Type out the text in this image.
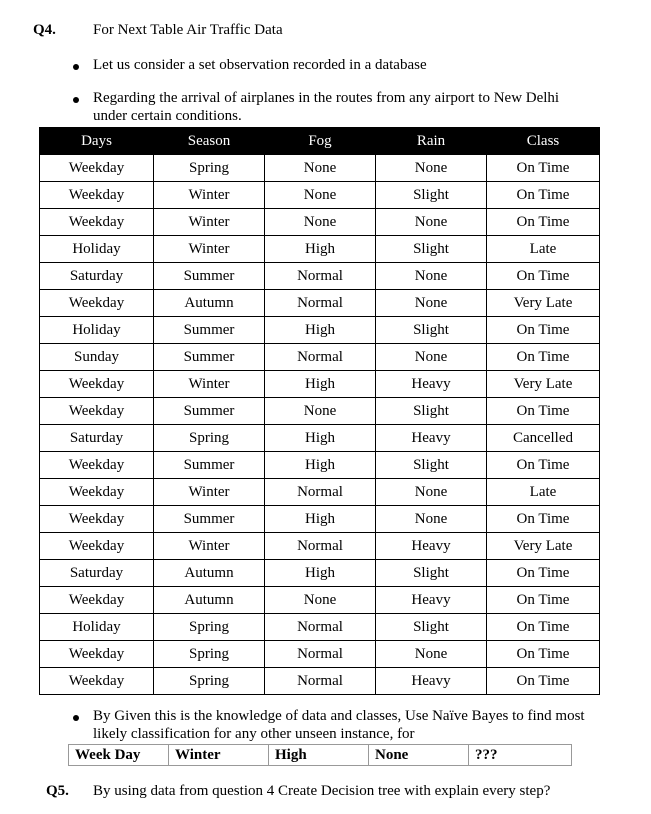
Q4. For Next Table Air Traffic Data
Let us consider a set observation recorded in a database
Regarding the arrival of airplanes in the routes from any airport to New Delhi
under certain conditions.
Days	Season	Fog	Rain	Class
Weekday	Spring	None	None	On Time
Weekday	Winter	None	Slight	On Time
Weekday	Winter	None	None	On Time
Holiday	Winter	High	Slight	Late
Saturday	Summer	Normal	None	On Time
Weekday	Autumn	Normal	None	Very Late
Holiday	Summer	High	Slight	On Time
Sunday	Summer	Normal	None	On Time
Weekday	Winter	High	Heavy	Very Late
Weekday	Summer	None	Slight	On Time
Saturday	Spring	High	Heavy	Cancelled
Weekday	Summer	High	Slight	On Time
Weekday	Winter	Normal	None	Late
Weekday	Summer	High	None	On Time
Weekday	Winter	Normal	Heavy	Very Late
Saturday	Autumn	High	Slight	On Time
Weekday	Autumn	None	Heavy	On Time
Holiday	Spring	Normal	Slight	On Time
Weekday	Spring	Normal	None	On Time
Weekday	Spring	Normal	Heavy	On Time
By Given this is the knowledge of data and classes, Use Naïve Bayes to find most
likely classification for any other unseen instance, for
Week Day	Winter	High	None	???
Q5. By using data from question 4 Create Decision tree with explain every step?
